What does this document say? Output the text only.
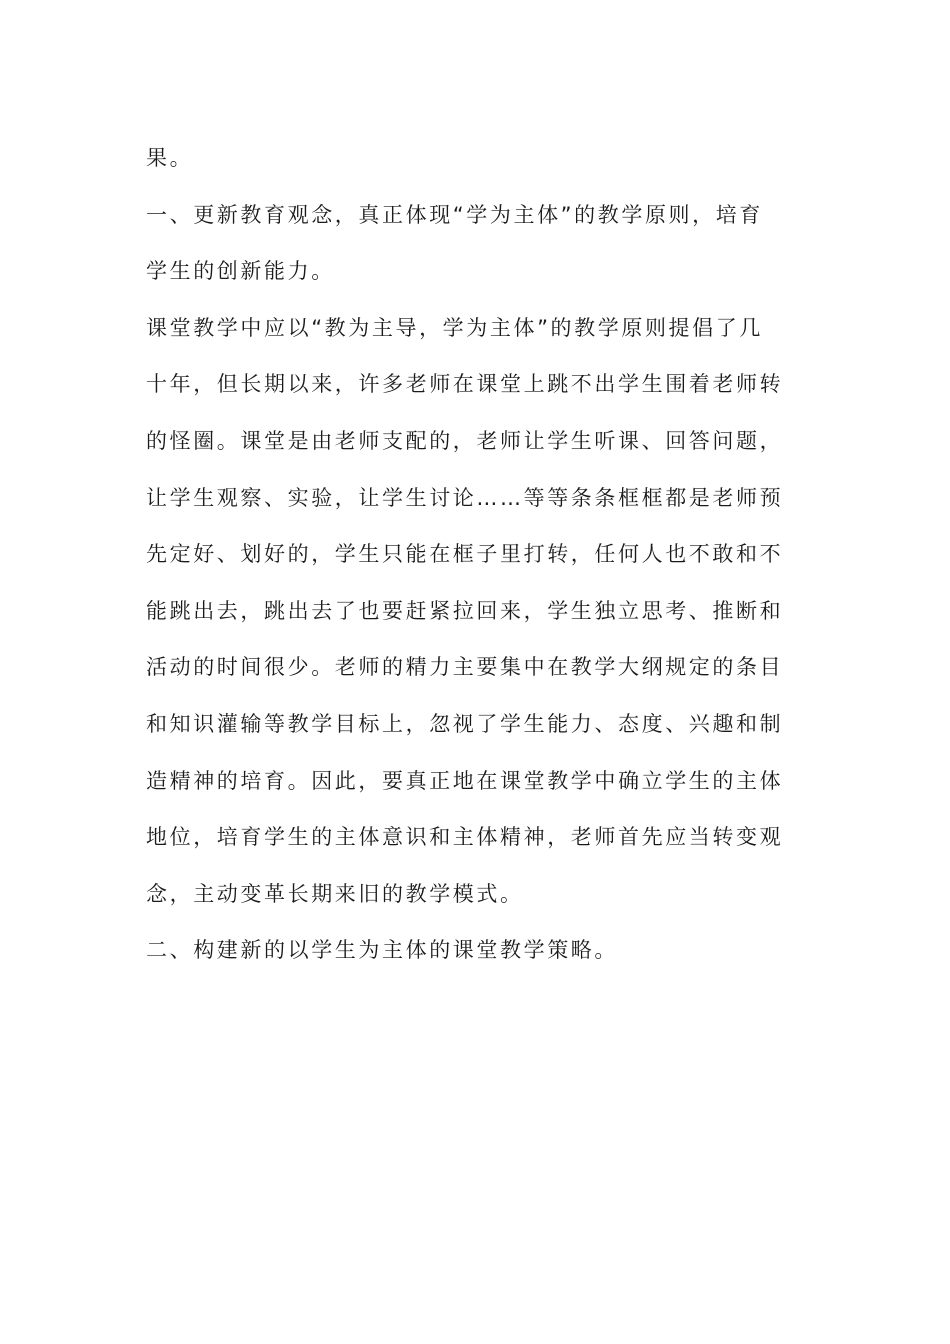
果。
一、更新教育观念，真正体现“学为主体”的教学原则，培育
学生的创新能力。
课堂教学中应以“教为主导，学为主体”的教学原则提倡了几
十年，但长期以来，许多老师在课堂上跳不出学生围着老师转
的怪圈。课堂是由老师支配的，老师让学生听课、回答问题，
让学生观察、实验，让学生讨论……等等条条框框都是老师预
先定好、划好的，学生只能在框子里打转，任何人也不敢和不
能跳出去，跳出去了也要赶紧拉回来，学生独立思考、推断和
活动的时间很少。老师的精力主要集中在教学大纲规定的条目
和知识灌输等教学目标上，忽视了学生能力、态度、兴趣和制
造精神的培育。因此，要真正地在课堂教学中确立学生的主体
地位，培育学生的主体意识和主体精神，老师首先应当转变观
念，主动变革长期来旧的教学模式。
二、构建新的以学生为主体的课堂教学策略。
